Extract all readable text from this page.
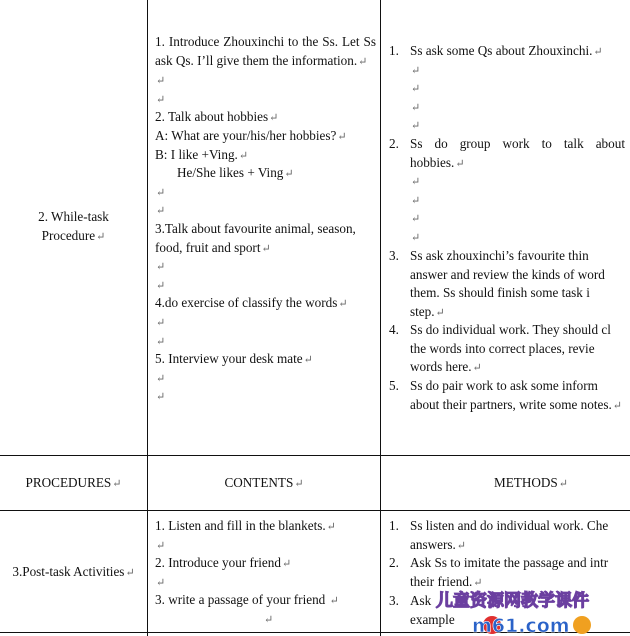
2. While-task
Procedure↵
1. Introduce Zhouxinchi to the Ss. Let Ss ask Qs. I’ll give them the information.↵
↵
↵
2. Talk about hobbies↵
A: What are your/his/her hobbies?↵
B: I like +Ving.↵
He/She likes + Ving↵
↵
↵
3.Talk about favourite animal, season,
food, fruit and sport↵
↵
↵
4.do exercise of classify the words↵
↵
↵
5. Interview your desk mate↵
↵
↵
1. Ss ask some Qs about Zhouxinchi.↵
↵
↵
↵
↵
2. Ss do group work to talk about
hobbies.↵
↵
↵
↵
↵
3. Ss ask zhouxinchi’s favourite thin
answer and review the kinds of word
them. Ss should finish some task i
step.↵
4. Ss do individual work. They should cl
the words into correct places, revie
words here.↵
5. Ss do pair work to ask some inform
about their partners, write some notes.↵
PROCEDURES↵	CONTENTS↵	METHODS↵
3.Post-task Activities↵
1. Listen and fill in the blankets.↵
↵
2. Introduce your friend↵
↵
3. write a passage of your friend ↵
↵
1. Ss listen and do individual work. Che
answers.↵
2. Ask Ss to imitate the passage and intr
their friend.↵
3. Ask
example
儿童资源网教学课件
m61.com
